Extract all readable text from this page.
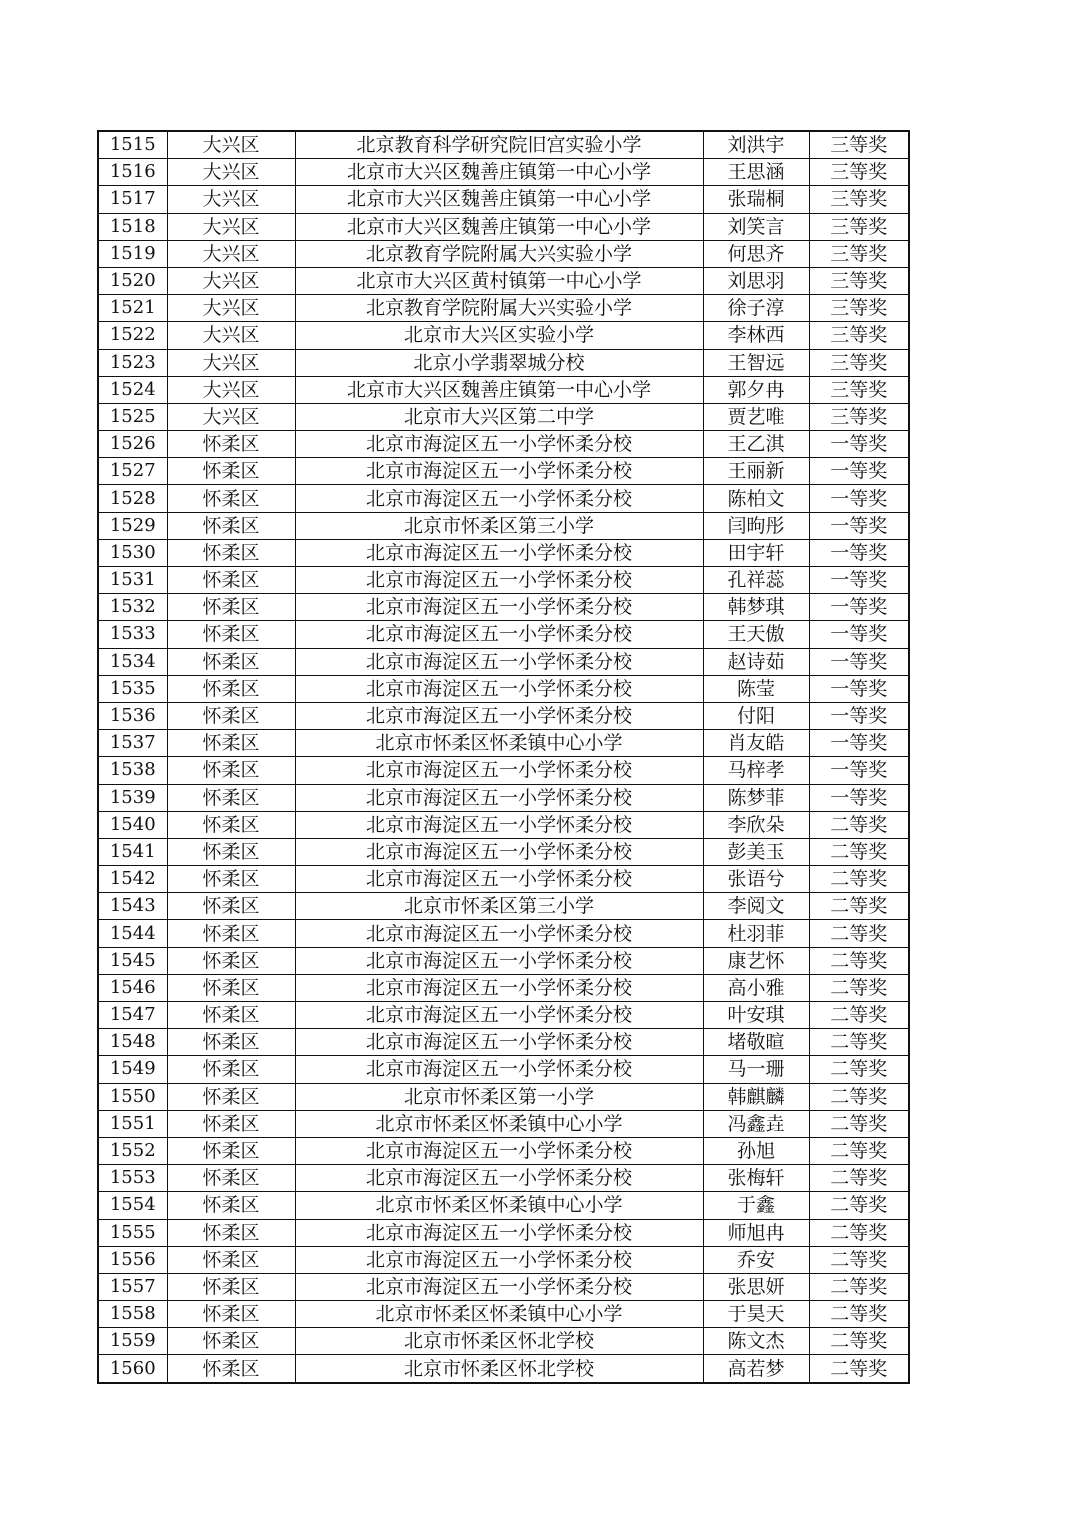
1515	大兴区	北京教育科学研究院旧宫实验小学	刘洪宇	三等奖
1516	大兴区	北京市大兴区魏善庄镇第一中心小学	王思涵	三等奖
1517	大兴区	北京市大兴区魏善庄镇第一中心小学	张瑞桐	三等奖
1518	大兴区	北京市大兴区魏善庄镇第一中心小学	刘笑言	三等奖
1519	大兴区	北京教育学院附属大兴实验小学	何思齐	三等奖
1520	大兴区	北京市大兴区黄村镇第一中心小学	刘思羽	三等奖
1521	大兴区	北京教育学院附属大兴实验小学	徐子淳	三等奖
1522	大兴区	北京市大兴区实验小学	李林西	三等奖
1523	大兴区	北京小学翡翠城分校	王智远	三等奖
1524	大兴区	北京市大兴区魏善庄镇第一中心小学	郭夕冉	三等奖
1525	大兴区	北京市大兴区第二中学	贾艺唯	三等奖
1526	怀柔区	北京市海淀区五一小学怀柔分校	王乙淇	一等奖
1527	怀柔区	北京市海淀区五一小学怀柔分校	王丽新	一等奖
1528	怀柔区	北京市海淀区五一小学怀柔分校	陈柏文	一等奖
1529	怀柔区	北京市怀柔区第三小学	闫昫彤	一等奖
1530	怀柔区	北京市海淀区五一小学怀柔分校	田宇轩	一等奖
1531	怀柔区	北京市海淀区五一小学怀柔分校	孔祥蕊	一等奖
1532	怀柔区	北京市海淀区五一小学怀柔分校	韩梦琪	一等奖
1533	怀柔区	北京市海淀区五一小学怀柔分校	王天傲	一等奖
1534	怀柔区	北京市海淀区五一小学怀柔分校	赵诗茹	一等奖
1535	怀柔区	北京市海淀区五一小学怀柔分校	陈莹	一等奖
1536	怀柔区	北京市海淀区五一小学怀柔分校	付阳	一等奖
1537	怀柔区	北京市怀柔区怀柔镇中心小学	肖友皓	一等奖
1538	怀柔区	北京市海淀区五一小学怀柔分校	马梓孝	一等奖
1539	怀柔区	北京市海淀区五一小学怀柔分校	陈梦菲	一等奖
1540	怀柔区	北京市海淀区五一小学怀柔分校	李欣朵	二等奖
1541	怀柔区	北京市海淀区五一小学怀柔分校	彭美玉	二等奖
1542	怀柔区	北京市海淀区五一小学怀柔分校	张语兮	二等奖
1543	怀柔区	北京市怀柔区第三小学	李阅文	二等奖
1544	怀柔区	北京市海淀区五一小学怀柔分校	杜羽菲	二等奖
1545	怀柔区	北京市海淀区五一小学怀柔分校	康艺怀	二等奖
1546	怀柔区	北京市海淀区五一小学怀柔分校	高小雅	二等奖
1547	怀柔区	北京市海淀区五一小学怀柔分校	叶安琪	二等奖
1548	怀柔区	北京市海淀区五一小学怀柔分校	堵敬暄	二等奖
1549	怀柔区	北京市海淀区五一小学怀柔分校	马一珊	二等奖
1550	怀柔区	北京市怀柔区第一小学	韩麒麟	二等奖
1551	怀柔区	北京市怀柔区怀柔镇中心小学	冯鑫垚	二等奖
1552	怀柔区	北京市海淀区五一小学怀柔分校	孙旭	二等奖
1553	怀柔区	北京市海淀区五一小学怀柔分校	张梅轩	二等奖
1554	怀柔区	北京市怀柔区怀柔镇中心小学	于鑫	二等奖
1555	怀柔区	北京市海淀区五一小学怀柔分校	师旭冉	二等奖
1556	怀柔区	北京市海淀区五一小学怀柔分校	乔安	二等奖
1557	怀柔区	北京市海淀区五一小学怀柔分校	张思妍	二等奖
1558	怀柔区	北京市怀柔区怀柔镇中心小学	于昊天	二等奖
1559	怀柔区	北京市怀柔区怀北学校	陈文杰	二等奖
1560	怀柔区	北京市怀柔区怀北学校	高若梦	二等奖
